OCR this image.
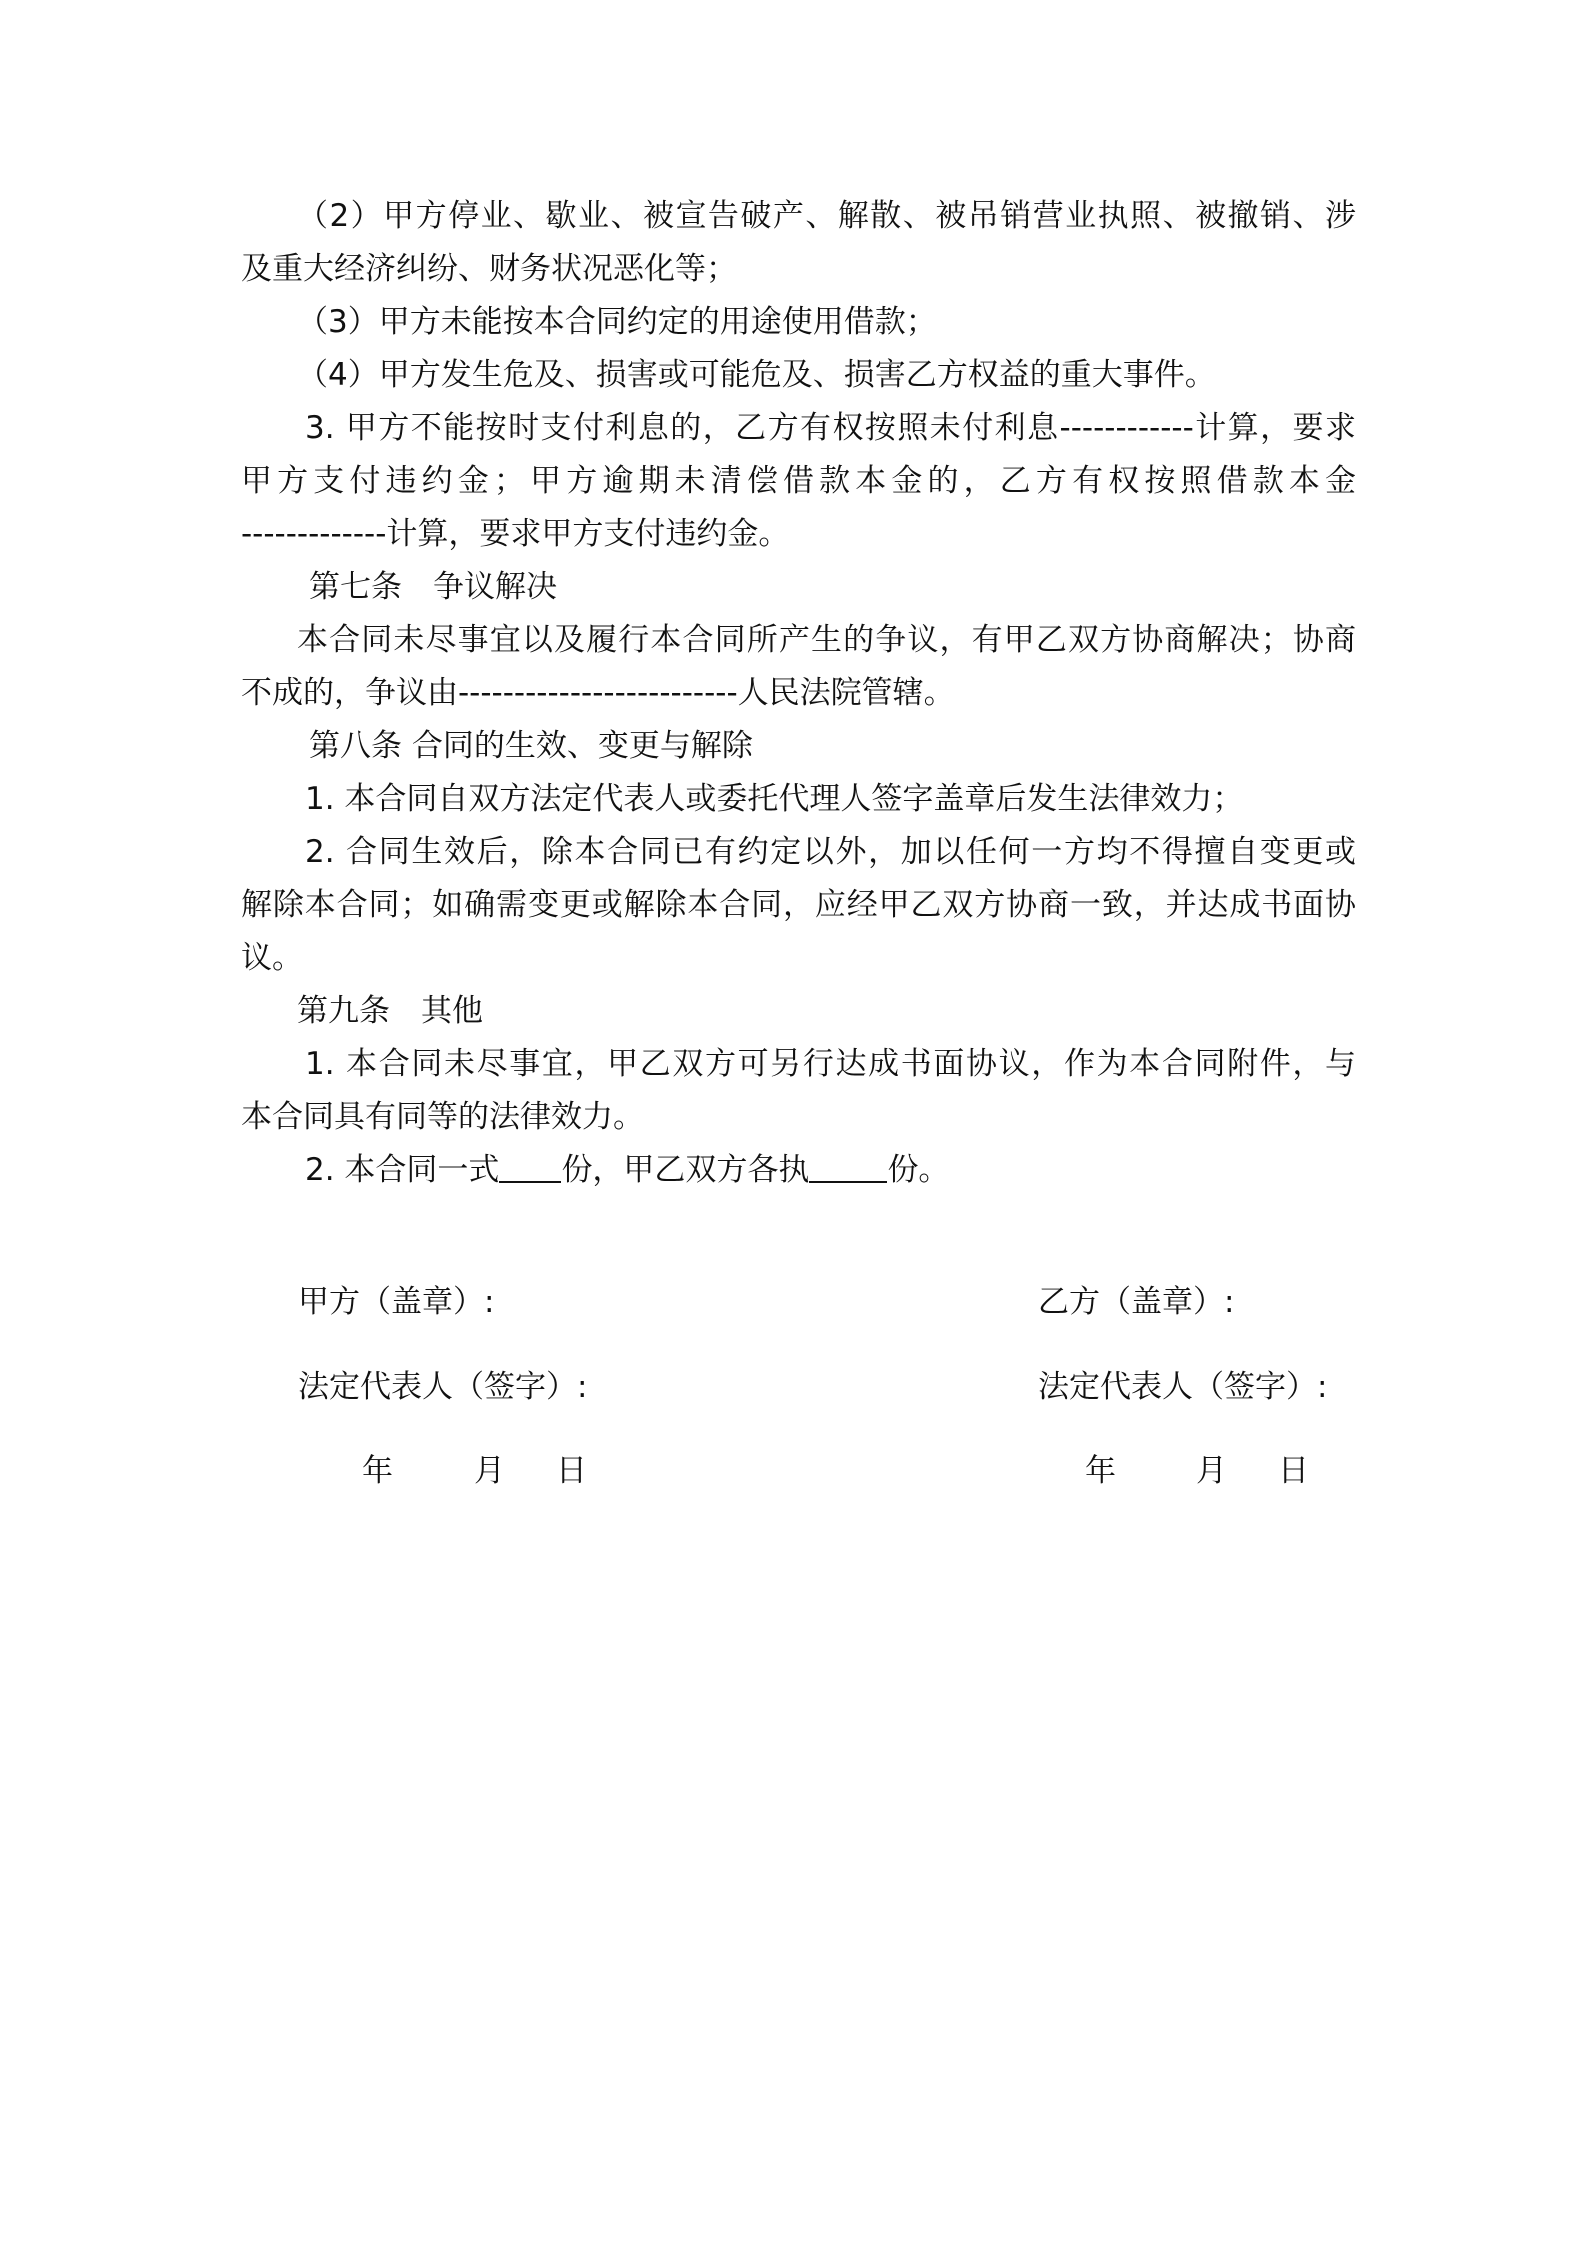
（2）甲方停业、歇业、被宣告破产、解散、被吊销营业执照、被撤销、涉
及重大经济纠纷、财务状况恶化等；
（3）甲方未能按本合同约定的用途使用借款；
（4）甲方发生危及、损害或可能危及、损害乙方权益的重大事件。
3. 甲方不能按时支付利息的，乙方有权按照未付利息------------计算，要求
甲方支付违约金；甲方逾期未清偿借款本金的，乙方有权按照借款本金
-------------计算，要求甲方支付违约金。
第七条　争议解决
本合同未尽事宜以及履行本合同所产生的争议，有甲乙双方协商解决；协商
不成的，争议由-------------------------人民法院管辖。
第八条 合同的生效、变更与解除
1. 本合同自双方法定代表人或委托代理人签字盖章后发生法律效力；
2. 合同生效后，除本合同已有约定以外，加以任何一方均不得擅自变更或
解除本合同；如确需变更或解除本合同，应经甲乙双方协商一致，并达成书面协
议。
第九条　其他
1. 本合同未尽事宜，甲乙双方可另行达成书面协议，作为本合同附件，与
本合同具有同等的法律效力。
2. 本合同一式 份，甲乙双方各执	份。
甲方（盖章）:	乙方（盖章）:
法定代表人（签字）:	法定代表人（签字）:
年	月 日	年	月 日
